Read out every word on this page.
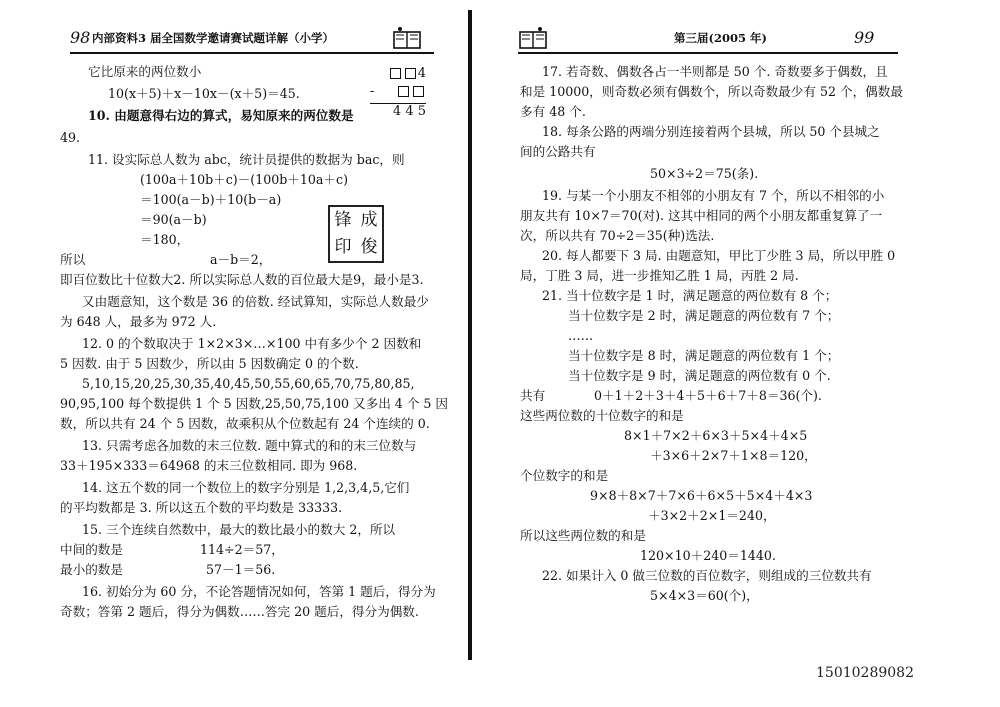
98 内部资料3 届全国数学邀请赛试题详解（小学）
4
-
4 4 5
锋 成
印 俊
它比原来的两位数小
10(x＋5)＋x－10x－(x＋5)＝45.
10. 由题意得右边的算式，易知原来的两位数是
49.
11. 设实际总人数为 abc，统计员提供的数据为 bac，则
(100a＋10b＋c)－(100b＋10a＋c)
＝100(a－b)＋10(b－a)
＝90(a－b)
＝180，
所以	a－b＝2，
即百位数比十位数大2. 所以实际总人数的百位最大是9，最小是3.
又由题意知，这个数是 36 的倍数. 经试算知，实际总人数最少
为 648 人，最多为 972 人.
12. 0 的个数取决于 1×2×3×…×100 中有多少个 2 因数和
5 因数. 由于 5 因数少，所以由 5 因数确定 0 的个数.
5,10,15,20,25,30,35,40,45,50,55,60,65,70,75,80,85,
90,95,100 每个数提供 1 个 5 因数,25,50,75,100 又多出 4 个 5 因
数，所以共有 24 个 5 因数，故乘积从个位数起有 24 个连续的 0.
13. 只需考虑各加数的末三位数. 题中算式的和的末三位数与
33＋195×333＝64968 的末三位数相同. 即为 968.
14. 这五个数的同一个数位上的数字分别是 1,2,3,4,5,它们
的平均数都是 3. 所以这五个数的平均数是 33333.
15. 三个连续自然数中，最大的数比最小的数大 2，所以
中间的数是	114÷2＝57，
最小的数是	57－1＝56.
16. 初始分为 60 分，不论答题情况如何，答第 1 题后，得分为
奇数；答第 2 题后，得分为偶数……答完 20 题后，得分为偶数.
第三届(2005 年)	99
17. 若奇数、偶数各占一半则都是 50 个. 奇数要多于偶数，且
和是 10000，则奇数必须有偶数个，所以奇数最少有 52 个，偶数最
多有 48 个.
18. 每条公路的两端分别连接着两个县城，所以 50 个县城之
间的公路共有
50×3÷2＝75(条).
19. 与某一个小朋友不相邻的小朋友有 7 个，所以不相邻的小
朋友共有 10×7＝70(对). 这其中相同的两个小朋友都重复算了一
次，所以共有 70÷2＝35(种)选法.
20. 每人都要下 3 局. 由题意知，甲比丁少胜 3 局，所以甲胜 0
局，丁胜 3 局，进一步推知乙胜 1 局，丙胜 2 局.
21. 当十位数字是 1 时，满足题意的两位数有 8 个；
当十位数字是 2 时，满足题意的两位数有 7 个；
……
当十位数字是 8 时，满足题意的两位数有 1 个；
当十位数字是 9 时，满足题意的两位数有 0 个.
共有	0＋1＋2＋3＋4＋5＋6＋7＋8＝36(个).
这些两位数的十位数字的和是
8×1＋7×2＋6×3＋5×4＋4×5
＋3×6＋2×7＋1×8＝120，
个位数字的和是
9×8＋8×7＋7×6＋6×5＋5×4＋4×3
＋3×2＋2×1＝240，
所以这些两位数的和是
120×10＋240＝1440.
22. 如果计入 0 做三位数的百位数字，则组成的三位数共有
5×4×3＝60(个)，
15010289082
